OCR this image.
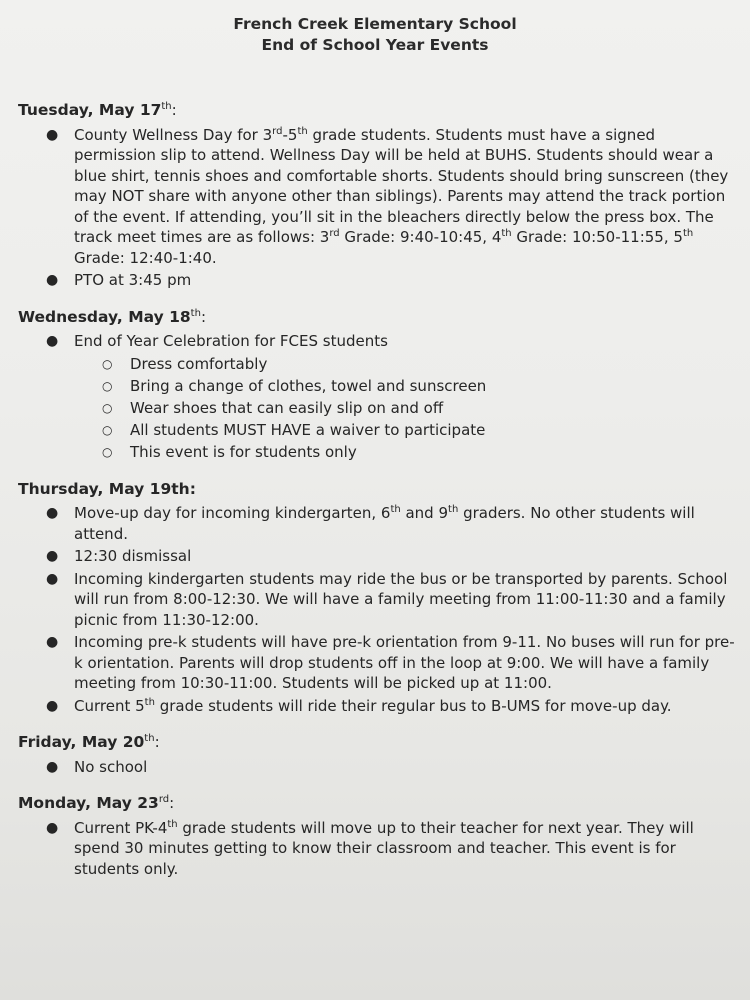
French Creek Elementary School
End of School Year Events
Tuesday, May 17th:
● County Wellness Day for 3rd-5th grade students. Students must have a signed permission slip to attend. Wellness Day will be held at BUHS. Students should wear a blue shirt, tennis shoes and comfortable shorts. Students should bring sunscreen (they may NOT share with anyone other than siblings). Parents may attend the track portion of the event. If attending, you’ll sit in the bleachers directly below the press box. The track meet times are as follows: 3rd Grade: 9:40-10:45, 4th Grade: 10:50-11:55, 5th Grade: 12:40-1:40.
● PTO at 3:45 pm
Wednesday, May 18th:
● End of Year Celebration for FCES students
○ Dress comfortably
○ Bring a change of clothes, towel and sunscreen
○ Wear shoes that can easily slip on and off
○ All students MUST HAVE a waiver to participate
○ This event is for students only
Thursday, May 19th:
● Move-up day for incoming kindergarten, 6th and 9th graders. No other students will attend.
● 12:30 dismissal
● Incoming kindergarten students may ride the bus or be transported by parents. School will run from 8:00-12:30. We will have a family meeting from 11:00-11:30 and a family picnic from 11:30-12:00.
● Incoming pre-k students will have pre-k orientation from 9-11. No buses will run for pre-k orientation. Parents will drop students off in the loop at 9:00. We will have a family meeting from 10:30-11:00. Students will be picked up at 11:00.
● Current 5th grade students will ride their regular bus to B-UMS for move-up day.
Friday, May 20th:
● No school
Monday, May 23rd:
● Current PK-4th grade students will move up to their teacher for next year. They will spend 30 minutes getting to know their classroom and teacher. This event is for students only.
